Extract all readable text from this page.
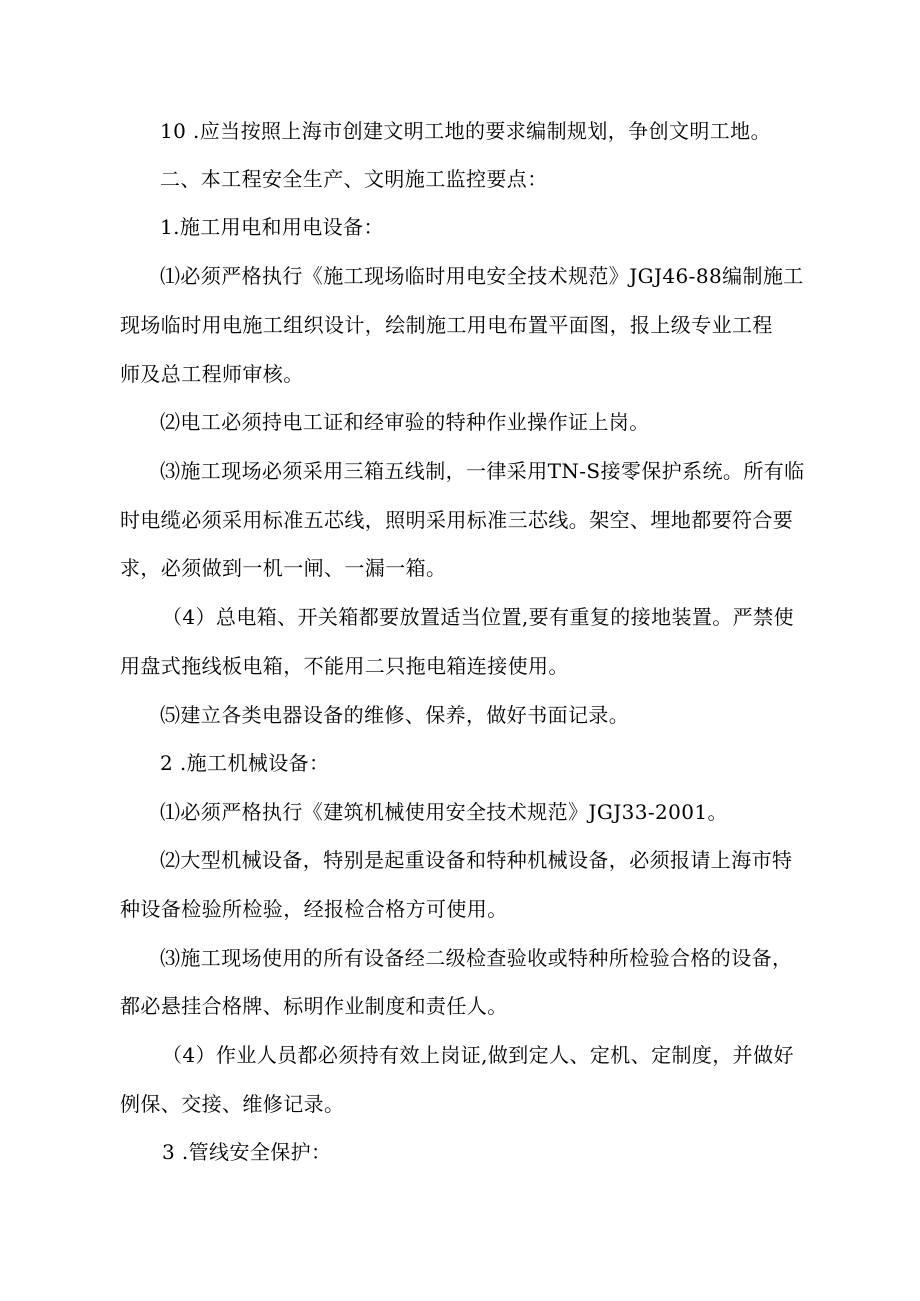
10 .应当按照上海市创建文明工地的要求编制规划，争创文明工地。
二、本工程安全生产、文明施工监控要点：
1.施工用电和用电设备：
⑴必须严格执行《施工现场临时用电安全技术规范》JGJ46-88编制施工
现场临时用电施工组织设计，绘制施工用电布置平面图，报上级专业工程
师及总工程师审核。
⑵电工必须持电工证和经审验的特种作业操作证上岗。
⑶施工现场必须采用三箱五线制，一律采用TN-S接零保护系统。所有临
时电缆必须采用标准五芯线，照明采用标准三芯线。架空、埋地都要符合要
求，必须做到一机一闸、一漏一箱。
（4）总电箱、开关箱都要放置适当位置,要有重复的接地装置。严禁使
用盘式拖线板电箱，不能用二只拖电箱连接使用。
⑸建立各类电器设备的维修、保养，做好书面记录。
2 .施工机械设备：
⑴必须严格执行《建筑机械使用安全技术规范》JGJ33-2001。
⑵大型机械设备，特别是起重设备和特种机械设备，必须报请上海市特
种设备检验所检验，经报检合格方可使用。
⑶施工现场使用的所有设备经二级检查验收或特种所检验合格的设备，
都必悬挂合格牌、标明作业制度和责任人。
（4）作业人员都必须持有效上岗证,做到定人、定机、定制度，并做好
例保、交接、维修记录。
3 .管线安全保护：
